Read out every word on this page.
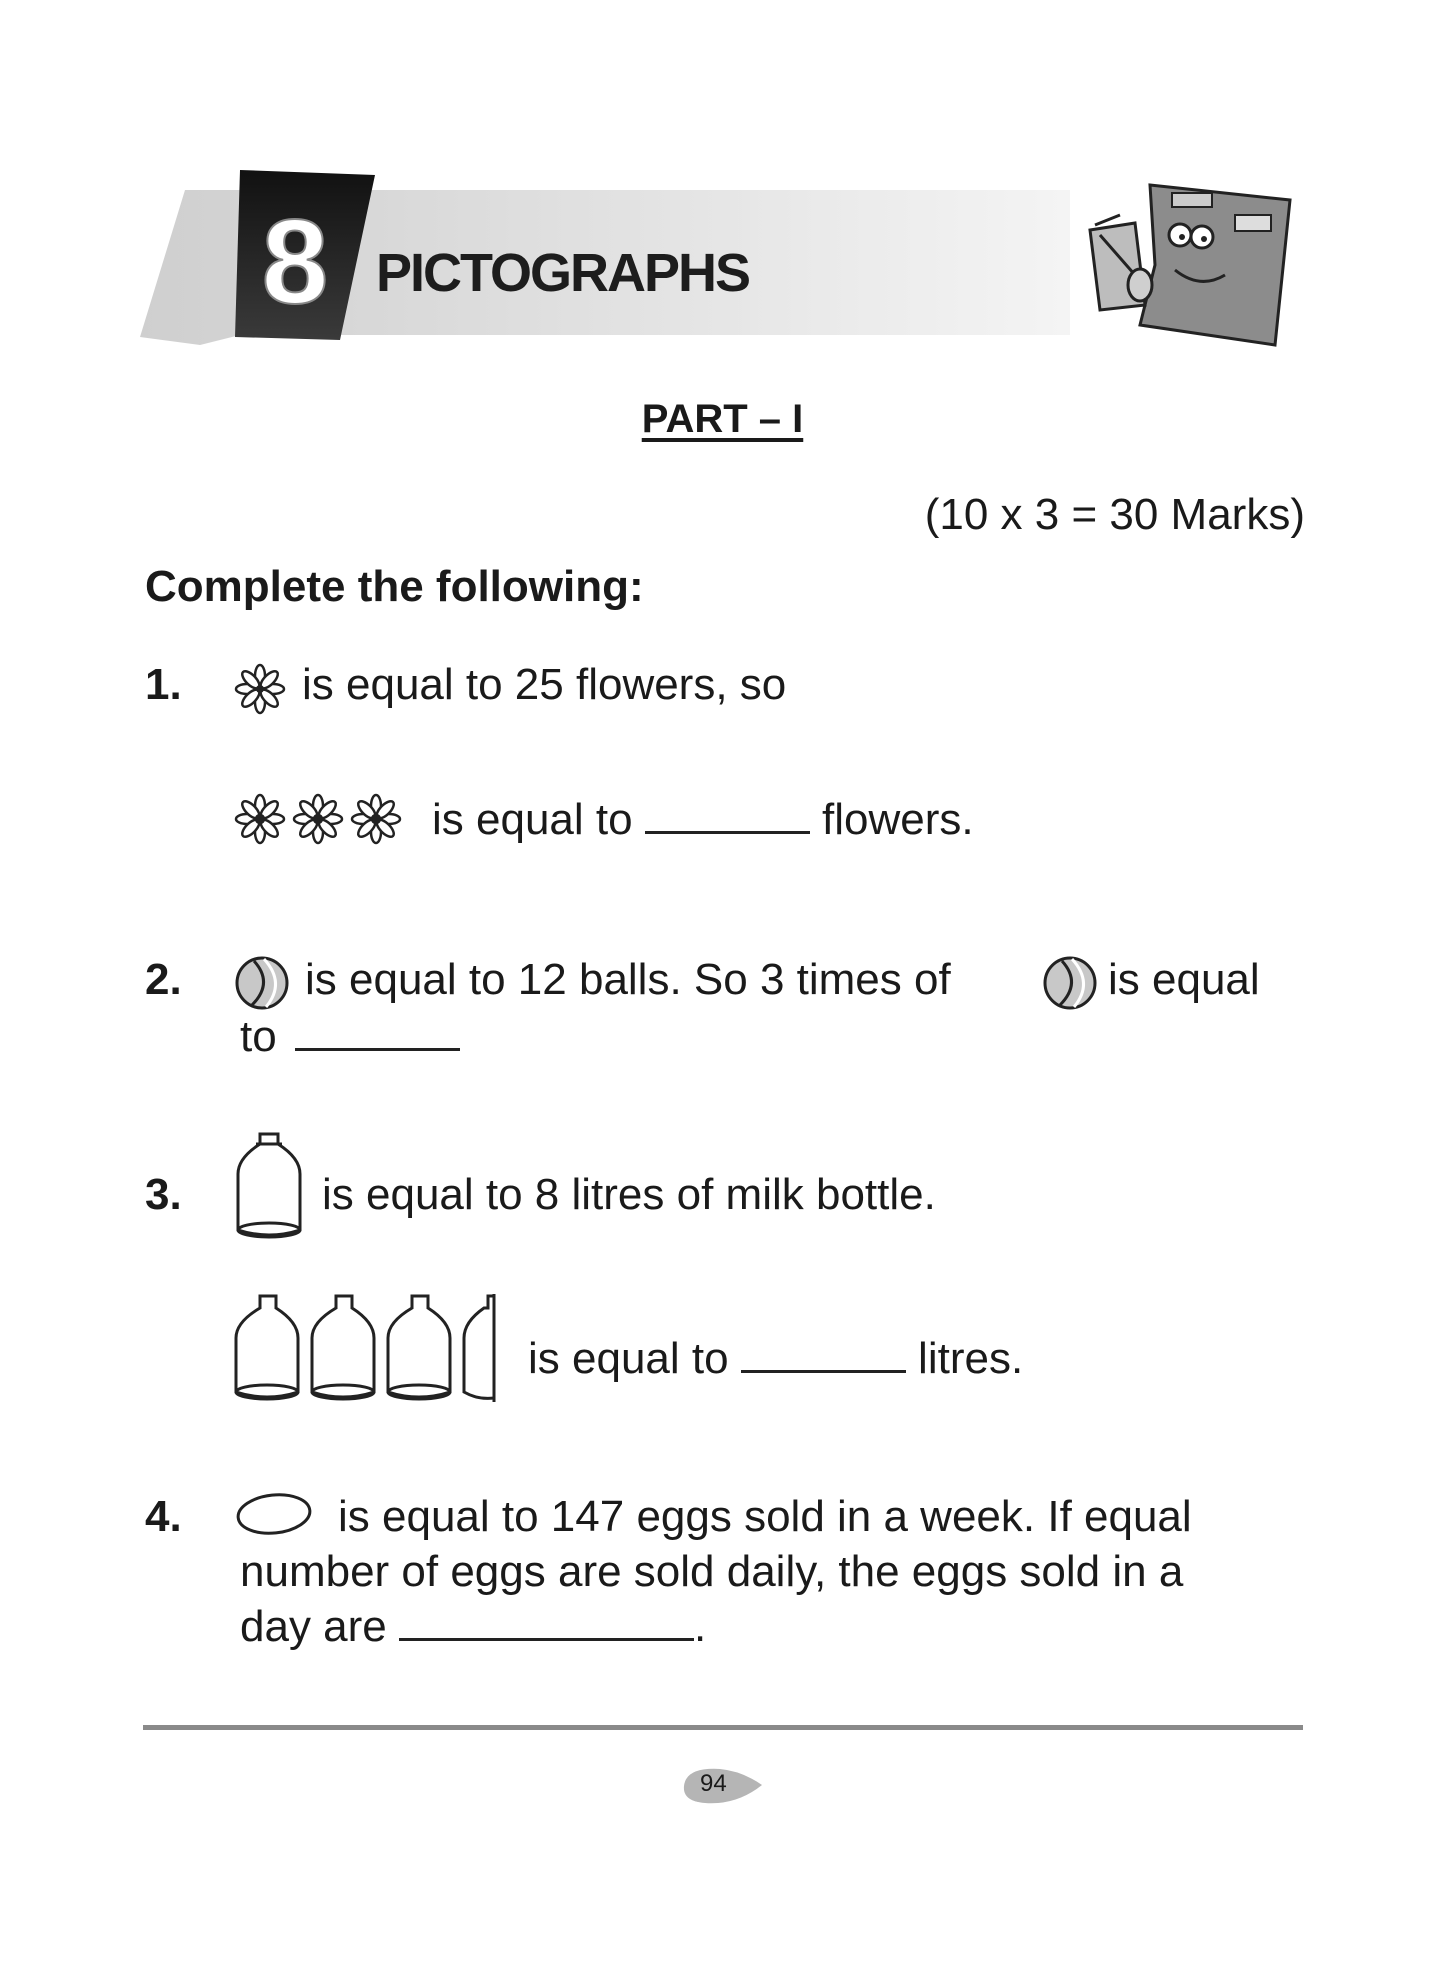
8 PICTOGRAPHS
PART – I
(10 x 3 = 30 Marks)
Complete the following:
1.	is equal to 25 flowers, so
is equal to	flowers.
2.	is equal to 12 balls. So 3 times of	is equal
to
3.	is equal to 8 litres of milk bottle.
is equal to	litres.
4.	is equal to 147 eggs sold in a week. If equal
number of eggs are sold daily, the eggs sold in a
day are	.
94
